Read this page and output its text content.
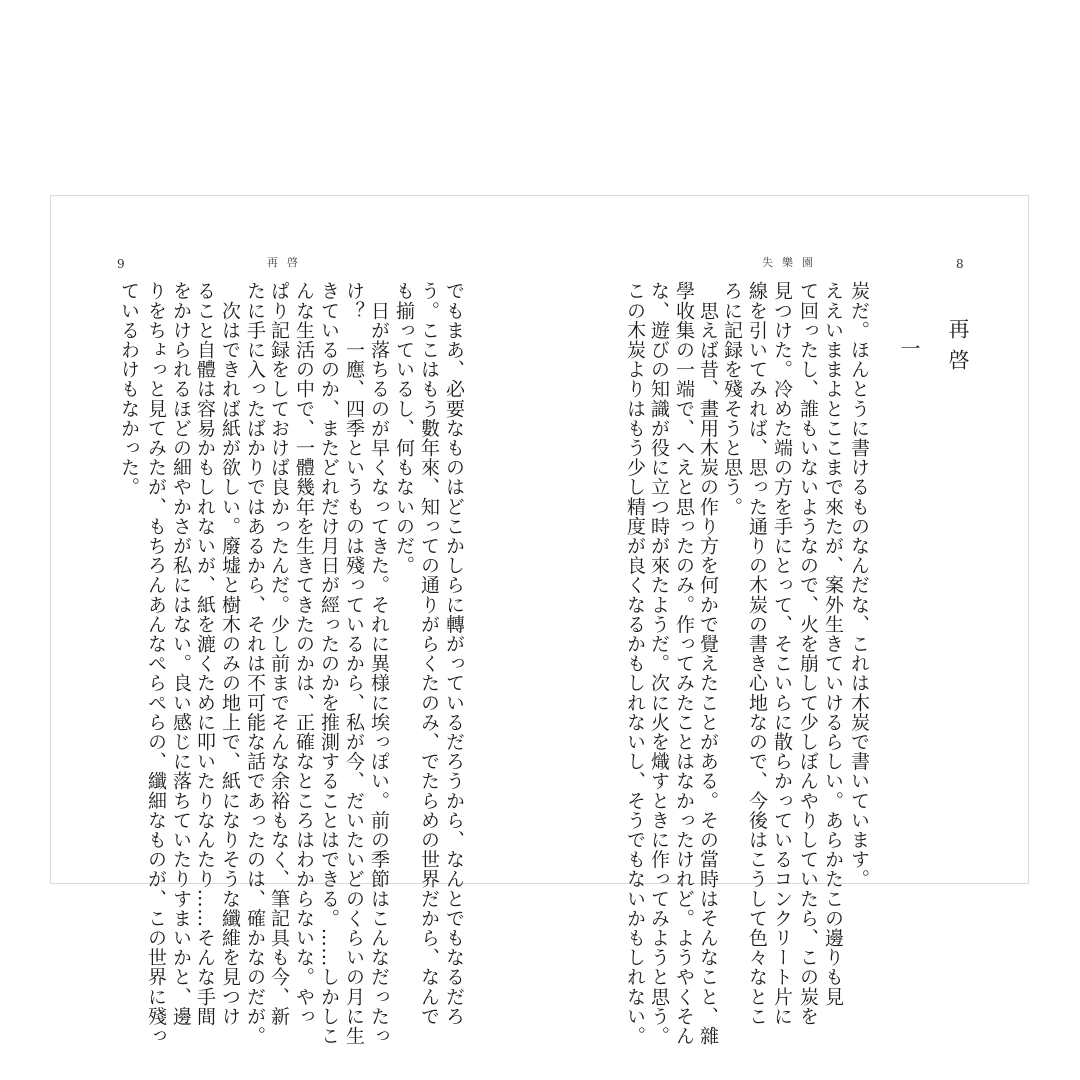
8
失樂園
再啓
一
炭だ。ほんとうに書けるものなんだな、これは木炭で書いています。
ええいままよとここまで來たが、案外生きていけるらしい。あらかたこの邊りも見
て回ったし、誰もいないようなので、火を崩して少しぼんやりしていたら、この炭を
見つけた。冷めた端の方を手にとって、そこいらに散らかっているコンクリート片に
線を引いてみれば、思った通りの木炭の書き心地なので、今後はこうして色々なとこ
ろに記録を殘そうと思う。
　思えば昔、畫用木炭の作り方を何かで覺えたことがある。その當時はそんなこと、雜
學收集の一端で、へえと思ったのみ。作ってみたことはなかったけれど。ようやくそん
な、遊びの知識が役に立つ時が來たようだ。次に火を熾すときに作ってみようと思う。
この木炭よりはもう少し精度が良くなるかもしれないし、そうでもないかもしれない。
9	再啓
でもまあ、必要なものはどこかしらに轉がっているだろうから、なんとでもなるだろ
う。ここはもう數年來、知っての通りがらくたのみ、でたらめの世界だから、なんで
も揃っているし、何もないのだ。
　日が落ちるのが早くなってきた。それに異様に埃っぽい。前の季節はこんなだったっ
け？　一應、四季というものは殘っているから、私が今、だいたいどのくらいの月に生
きているのか、またどれだけ月日が經ったのかを推測することはできる。……しかしこ
んな生活の中で、一體幾年を生きてきたのかは、正確なところはわからないな。やっ
ぱり記録をしておけば良かったんだ。少し前までそんな余裕もなく、筆記具も今、新
たに手に入ったばかりではあるから、それは不可能な話であったのは、確かなのだが。
　次はできれば紙が欲しい。廢墟と樹木のみの地上で、紙になりそうな纖維を見つけ
ること自體は容易かもしれないが、紙を漉くために叩いたりなんたり……そんな手間
をかけられるほどの細やかさが私にはない。良い感じに落ちていたりすまいかと、邊
りをちょっと見てみたが、もちろんあんなぺらぺらの、纖細なものが、この世界に殘っ
ているわけもなかった。
